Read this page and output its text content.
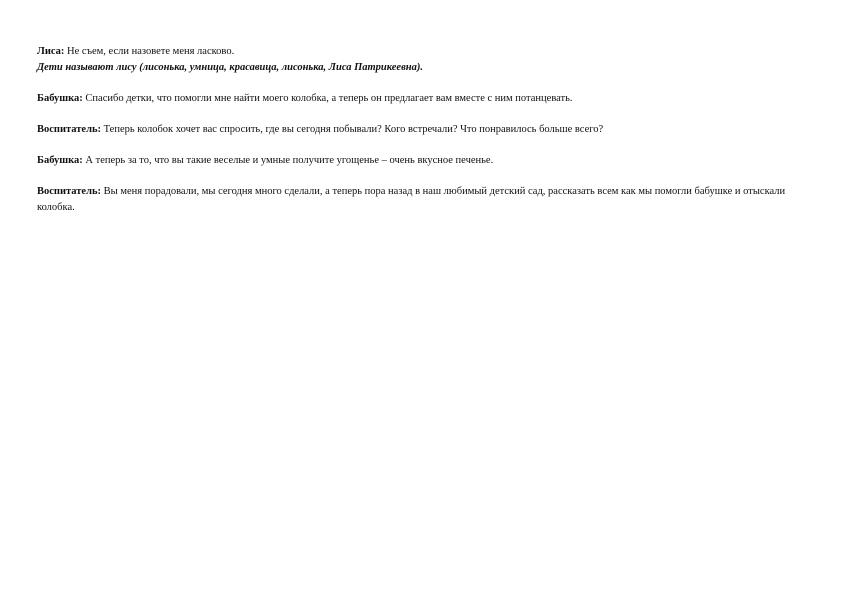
Лиса: Не съем, если назовете меня ласково.

Дети называют лису (лисонька, умница, красавица, лисонька, Лиса Патрикеевна).

Бабушка: Спасибо детки, что помогли мне найти моего колобка, а теперь он предлагает вам вместе с ним потанцевать.

Воспитатель: Теперь колобок хочет вас спросить, где вы сегодня побывали? Кого встречали? Что понравилось больше всего?

Бабушка: А теперь за то, что вы такие веселые и умные получите угощенье – очень вкусное печенье.

Воспитатель: Вы меня порадовали, мы сегодня много сделали, а теперь пора назад в наш любимый детский сад, рассказать всем как мы помогли бабушке и отыскали колобка.
